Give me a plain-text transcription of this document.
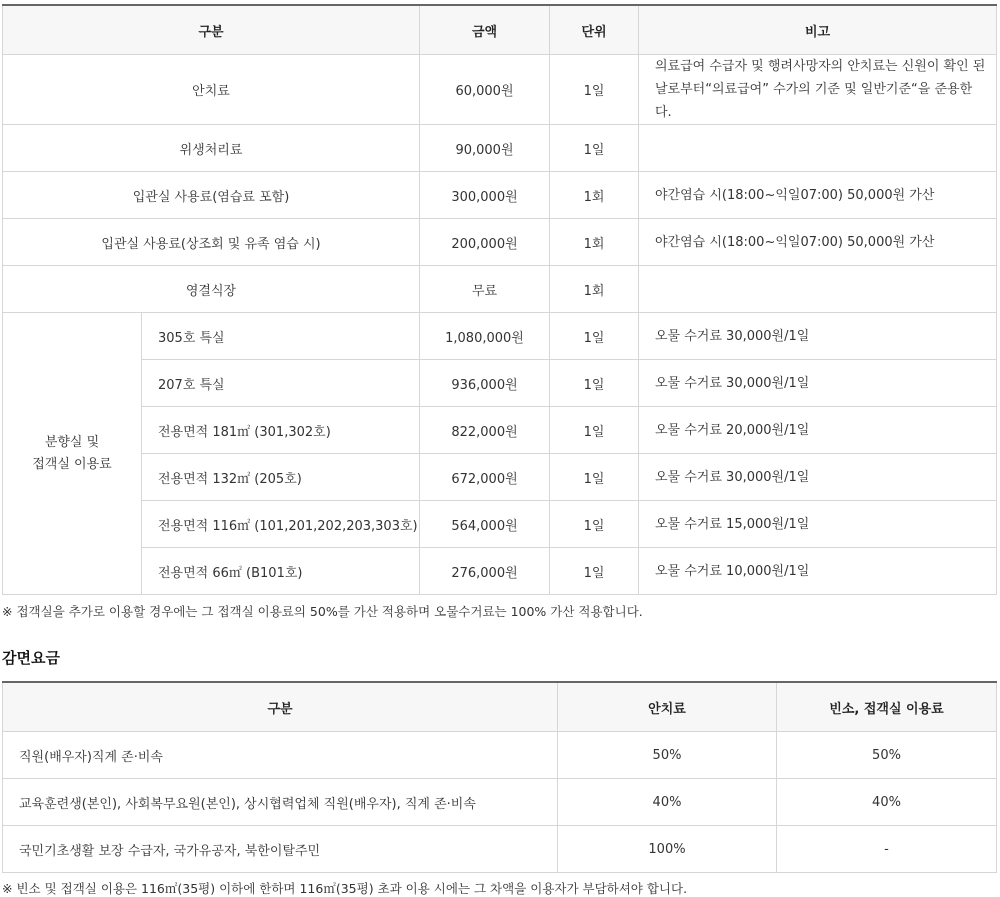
구분		금액	단위	비고
안치료		60,000원	1일	의료급여 수급자 및 행려사망자의 안치료는 신원이 확인 된 날로부터“의료급여” 수가의 기준 및 일반기준“을 준용한다.
위생처리료		90,000원	1일	
입관실 사용료(염습료 포함)		300,000원	1회	야간염습 시(18:00~익일07:00) 50,000원 가산
입관실 사용료(상조회 및 유족 염습 시)		200,000원	1회	야간염습 시(18:00~익일07:00) 50,000원 가산
영결식장		무료	1회	

분향실 및
접객실 이용료	305호 특실	1,080,000원	1일	오물 수거료 30,000원/1일
	207호 특실	936,000원	1일	오물 수거료 30,000원/1일
	전용면적 181㎡ (301,302호)	822,000원	1일	오물 수거료 20,000원/1일
	전용면적 132㎡ (205호)	672,000원	1일	오물 수거료 30,000원/1일
	전용면적 116㎡ (101,201,202,203,303호)	564,000원	1일	오물 수거료 15,000원/1일
	전용면적 66㎡ (B101호)	276,000원	1일	오물 수거료 10,000원/1일
※ 접객실을 추가로 이용할 경우에는 그 접객실 이용료의 50%를 가산 적용하며 오물수거료는 100% 가산 적용합니다.
감면요금
구분	안치료	빈소, 접객실 이용료
직원(배우자)직계 존·비속	50%	50%
교육훈련생(본인), 사회복무요원(본인), 상시협력업체 직원(배우자), 직계 존·비속	40%	40%
국민기초생활 보장 수급자, 국가유공자, 북한이탈주민	100%	-
※ 빈소 및 접객실 이용은 116㎡(35평) 이하에 한하며 116㎡(35평) 초과 이용 시에는 그 차액을 이용자가 부담하셔야 합니다.
